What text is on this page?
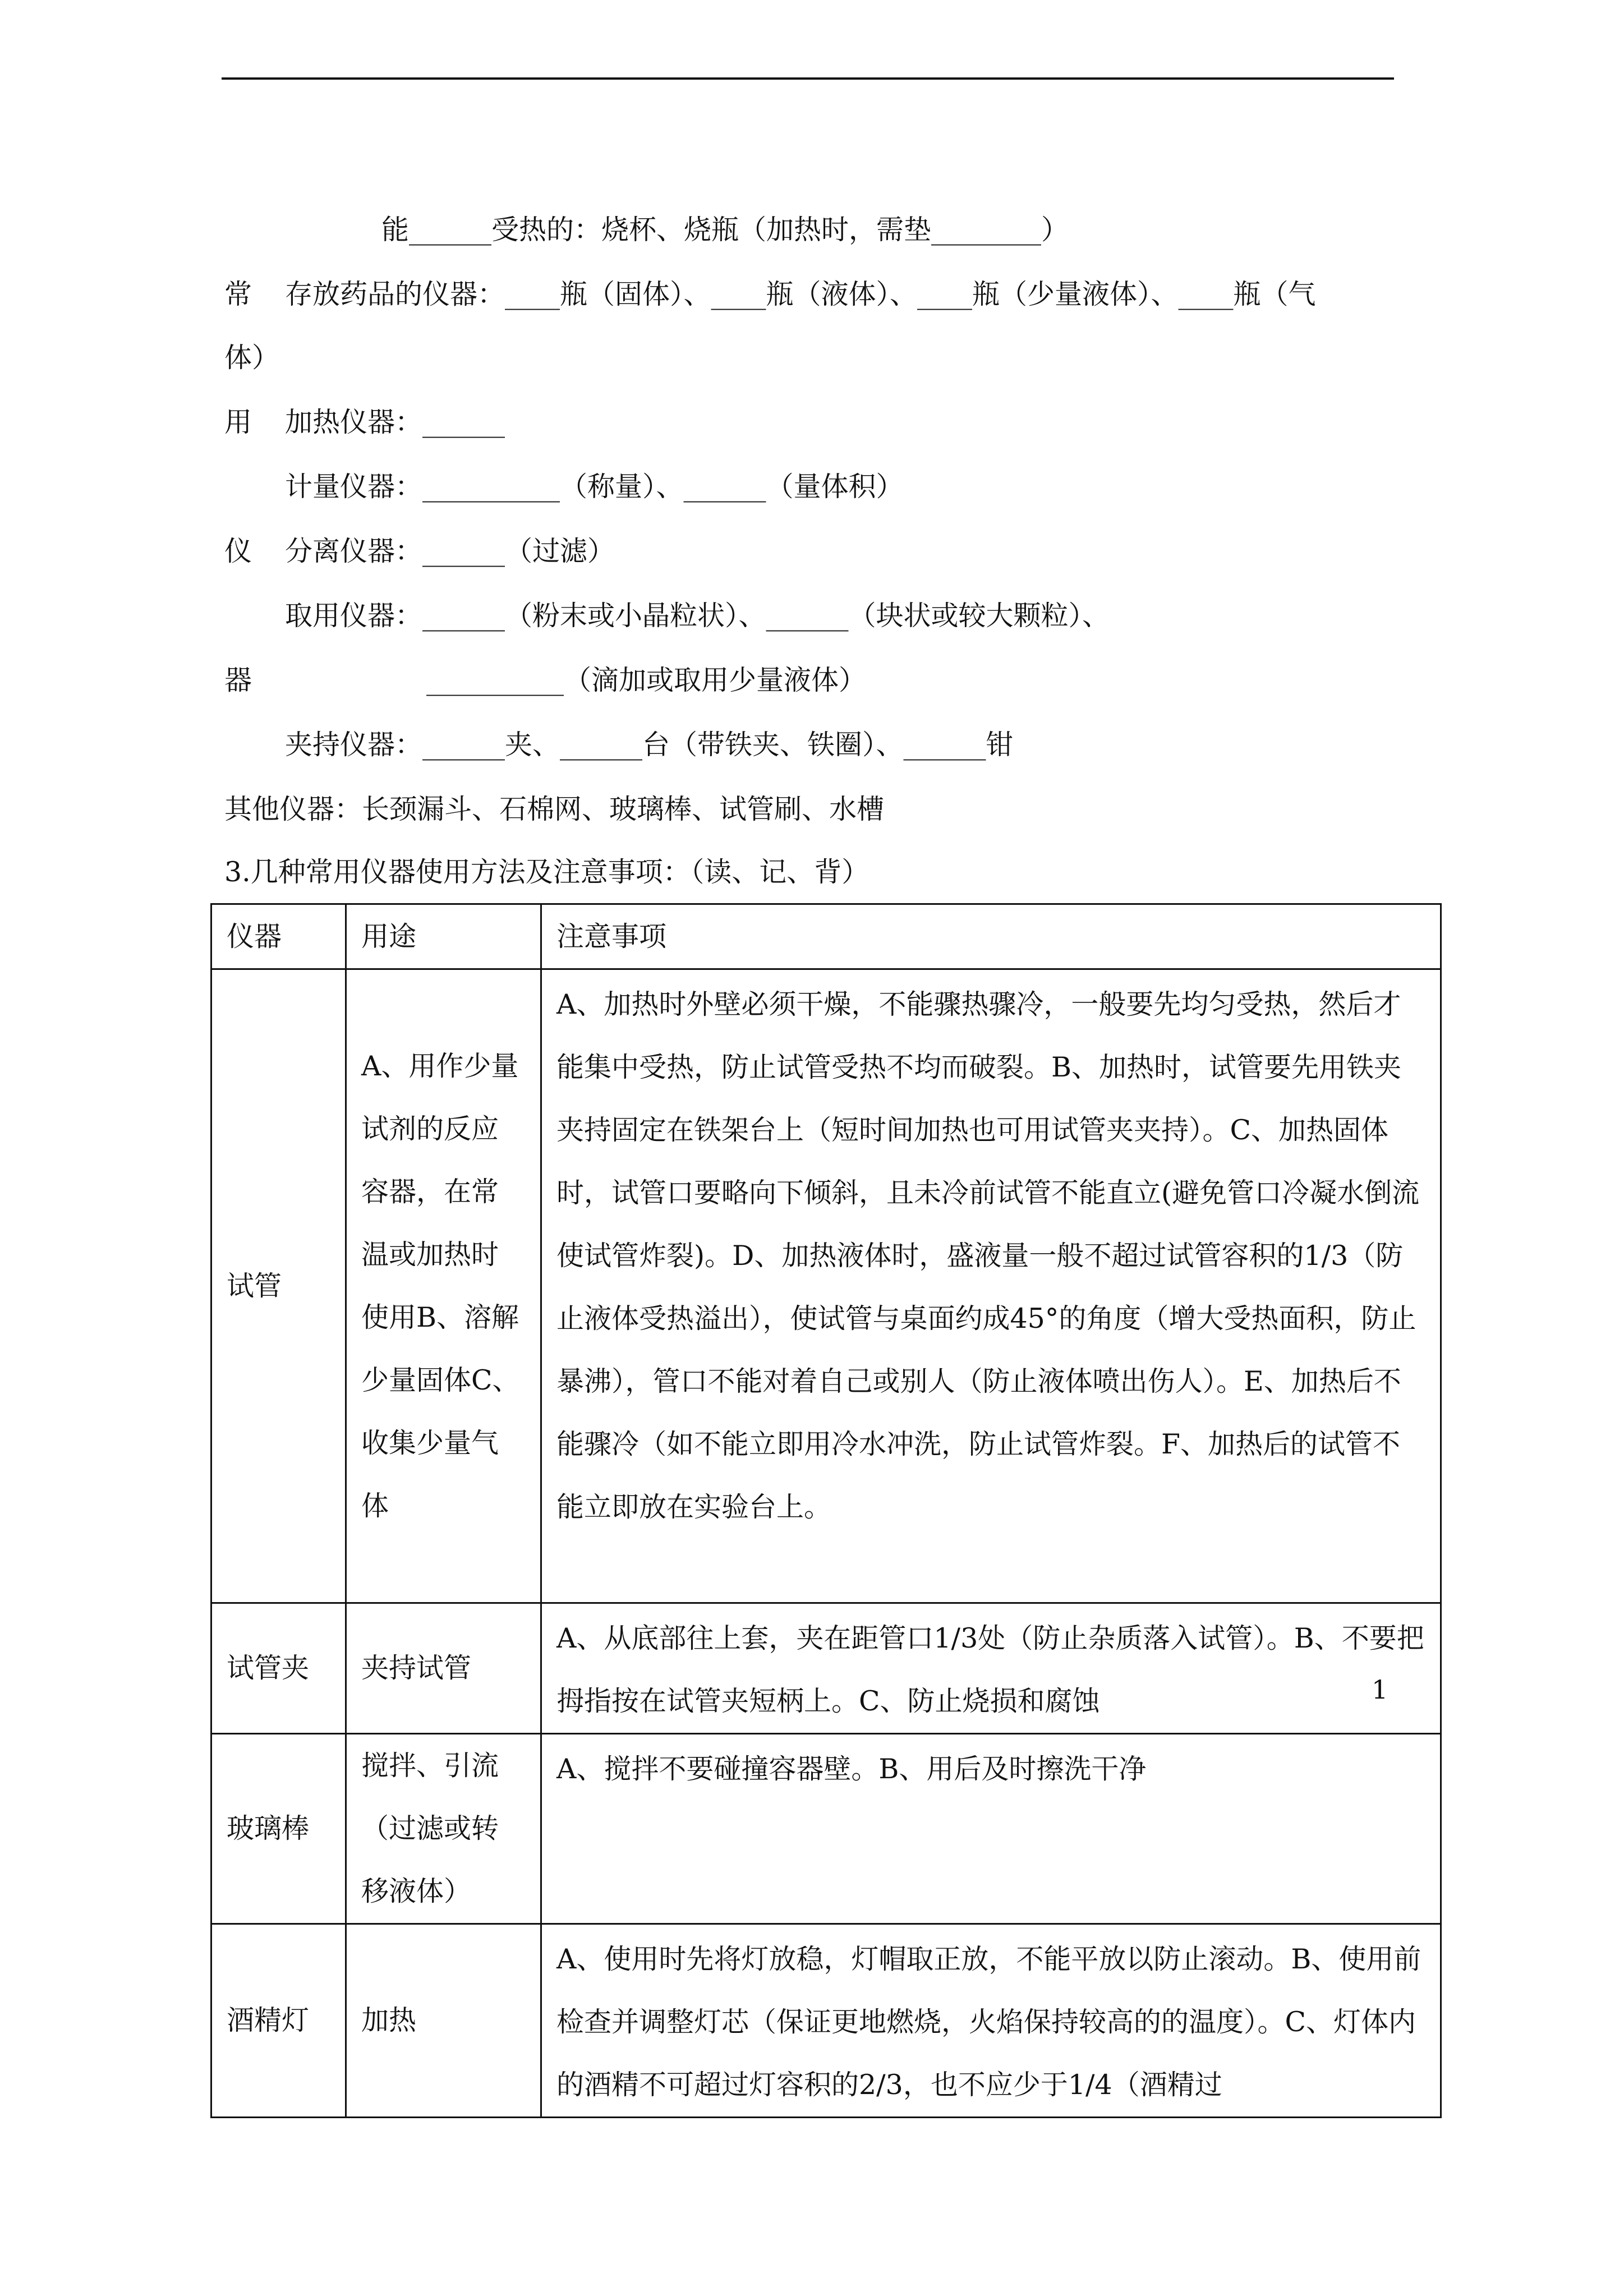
能______受热的：烧杯、烧瓶（加热时，需垫________）
常 存放药品的仪器：____瓶（固体）、____瓶（液体）、____瓶（少量液体）、____瓶（气
体）
用 加热仪器：______
计量仪器：__________（称量）、______（量体积）
仪 分离仪器：______（过滤）
取用仪器：______（粉末或小晶粒状）、______（块状或较大颗粒）、
器	__________（滴加或取用少量液体）
夹持仪器：______夹、______台（带铁夹、铁圈）、______钳
其他仪器：长颈漏斗、石棉网、玻璃棒、试管刷、水槽
3.几种常用仪器使用方法及注意事项：（读、记、背）
仪器	用途	注意事项
试管	A、用作少量试剂的反应容器，在常温或加热时使用B、溶解少量固体C、收集少量气体	A、加热时外壁必须干燥，不能骤热骤冷，一般要先均匀受热，然后才能集中受热，防止试管受热不均而破裂。B、加热时，试管要先用铁夹夹持固定在铁架台上（短时间加热也可用试管夹夹持）。C、加热固体时，试管口要略向下倾斜，且未冷前试管不能直立(避免管口冷凝水倒流使试管炸裂)。D、加热液体时，盛液量一般不超过试管容积的1/3（防止液体受热溢出），使试管与桌面约成45°的角度（增大受热面积，防止暴沸），管口不能对着自己或别人（防止液体喷出伤人）。E、加热后不能骤冷（如不能立即用冷水冲洗，防止试管炸裂。F、加热后的试管不能立即放在实验台上。
试管夹	夹持试管	A、从底部往上套，夹在距管口1/3处（防止杂质落入试管）。B、不要把拇指按在试管夹短柄上。C、防止烧损和腐蚀
玻璃棒	搅拌、引流（过滤或转移液体）	A、搅拌不要碰撞容器壁。B、用后及时擦洗干净
酒精灯	加热	A、使用时先将灯放稳，灯帽取正放，不能平放以防止滚动。B、使用前检查并调整灯芯（保证更地燃烧，火焰保持较高的的温度）。C、灯体内的酒精不可超过灯容积的2/3，也不应少于1/4（酒精过
1
